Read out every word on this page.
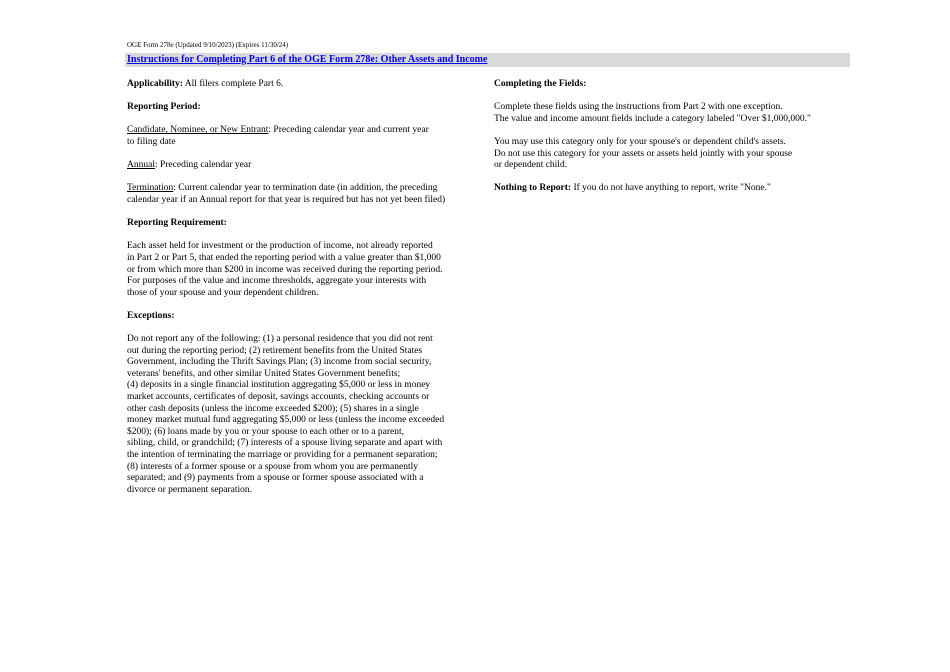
OGE Form 278e (Updated 9/10/2023) (Expires 11/30/24)
Instructions for Completing Part 6 of the OGE Form 278e: Other Assets and Income

Applicability: All filers complete Part 6.

Reporting Period:

Candidate, Nominee, or New Entrant: Preceding calendar year and current year
to filing date

Annual: Preceding calendar year

Termination: Current calendar year to termination date (in addition, the preceding
calendar year if an Annual report for that year is required but has not yet been filed)

Reporting Requirement:

Each asset held for investment or the production of income, not already reported
in Part 2 or Part 5, that ended the reporting period with a value greater than $1,000
or from which more than $200 in income was received during the reporting period.
For purposes of the value and income thresholds, aggregate your interests with
those of your spouse and your dependent children.

Exceptions:

Do not report any of the following: (1) a personal residence that you did not rent
out during the reporting period; (2) retirement benefits from the United States
Government, including the Thrift Savings Plan; (3) income from social security,
veterans' benefits, and other similar United States Government benefits;
(4) deposits in a single financial institution aggregating $5,000 or less in money
market accounts, certificates of deposit, savings accounts, checking accounts or
other cash deposits (unless the income exceeded $200); (5) shares in a single
money market mutual fund aggregating $5,000 or less (unless the income exceeded
$200); (6) loans made by you or your spouse to each other or to a parent,
sibling, child, or grandchild; (7) interests of a spouse living separate and apart with
the intention of terminating the marriage or providing for a permanent separation;
(8) interests of a former spouse or a spouse from whom you are permanently
separated; and (9) payments from a spouse or former spouse associated with a
divorce or permanent separation.

Completing the Fields:

Complete these fields using the instructions from Part 2 with one exception.
The value and income amount fields include a category labeled "Over $1,000,000."

You may use this category only for your spouse's or dependent child's assets.
Do not use this category for your assets or assets held jointly with your spouse
or dependent child.

Nothing to Report: If you do not have anything to report, write "None."
